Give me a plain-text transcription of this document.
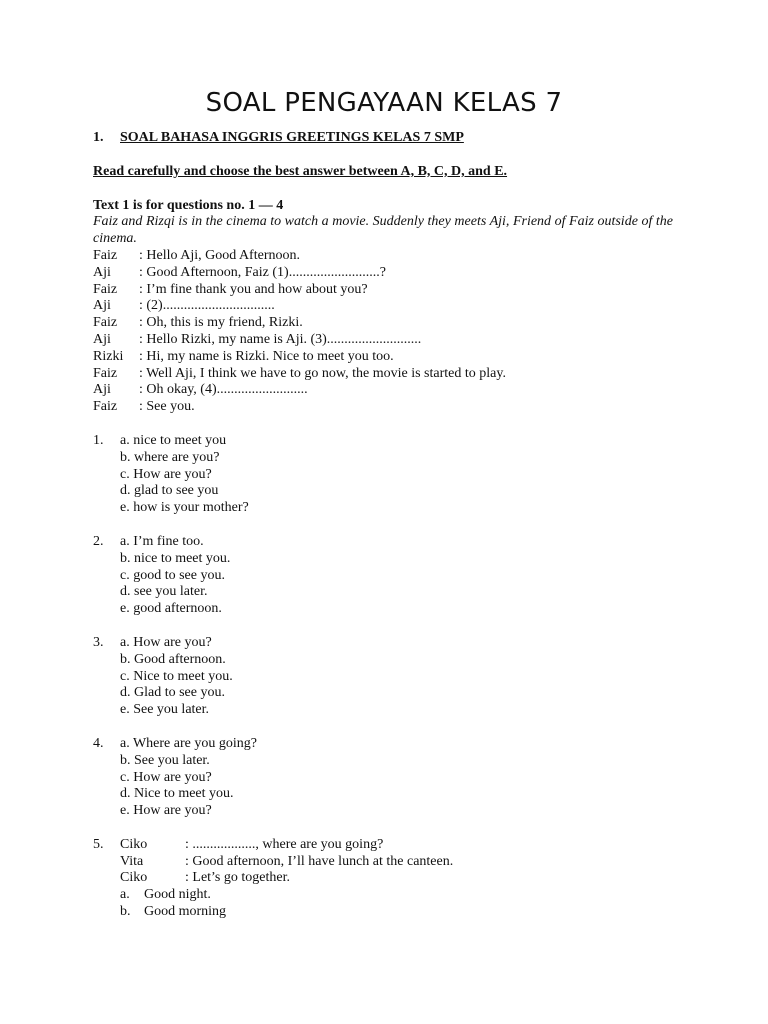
SOAL PENGAYAAN KELAS 7
1.	SOAL BAHASA INGGRIS GREETINGS KELAS 7 SMP
Read carefully and choose the best answer between A, B, C, D, and E.
Text 1 is for questions no. 1 — 4
Faiz and Rizqi is in the cinema to watch a movie. Suddenly they meets Aji, Friend of Faiz outside of the cinema.
Faiz	: Hello Aji, Good Afternoon.
Aji	: Good Afternoon, Faiz (1)..........................?
Faiz	: I’m fine thank you and how about you?
Aji	: (2)................................
Faiz	: Oh, this is my friend, Rizki.
Aji	: Hello Rizki, my name is Aji. (3)...........................
Rizki	: Hi, my name is Rizki. Nice to meet you too.
Faiz	: Well Aji, I think we have to go now, the movie is started to play.
Aji	: Oh okay, (4)..........................
Faiz	: See you.
1.	a. nice to meet you
b. where are you?
c. How are you?
d. glad to see you
e. how is your mother?
2.	a. I’m fine too.
b. nice to meet you.
c. good to see you.
d. see you later.
e. good afternoon.
3.	a. How are you?
b. Good afternoon.
c. Nice to meet you.
d. Glad to see you.
e. See you later.
4.	a. Where are you going?
b. See you later.
c. How are you?
d. Nice to meet you.
e. How are you?
5.	Ciko	: .................., where are you going?
Vita	: Good afternoon, I’ll have lunch at the canteen.
Ciko	: Let’s go together.
a.	Good night.
b. Good morning
